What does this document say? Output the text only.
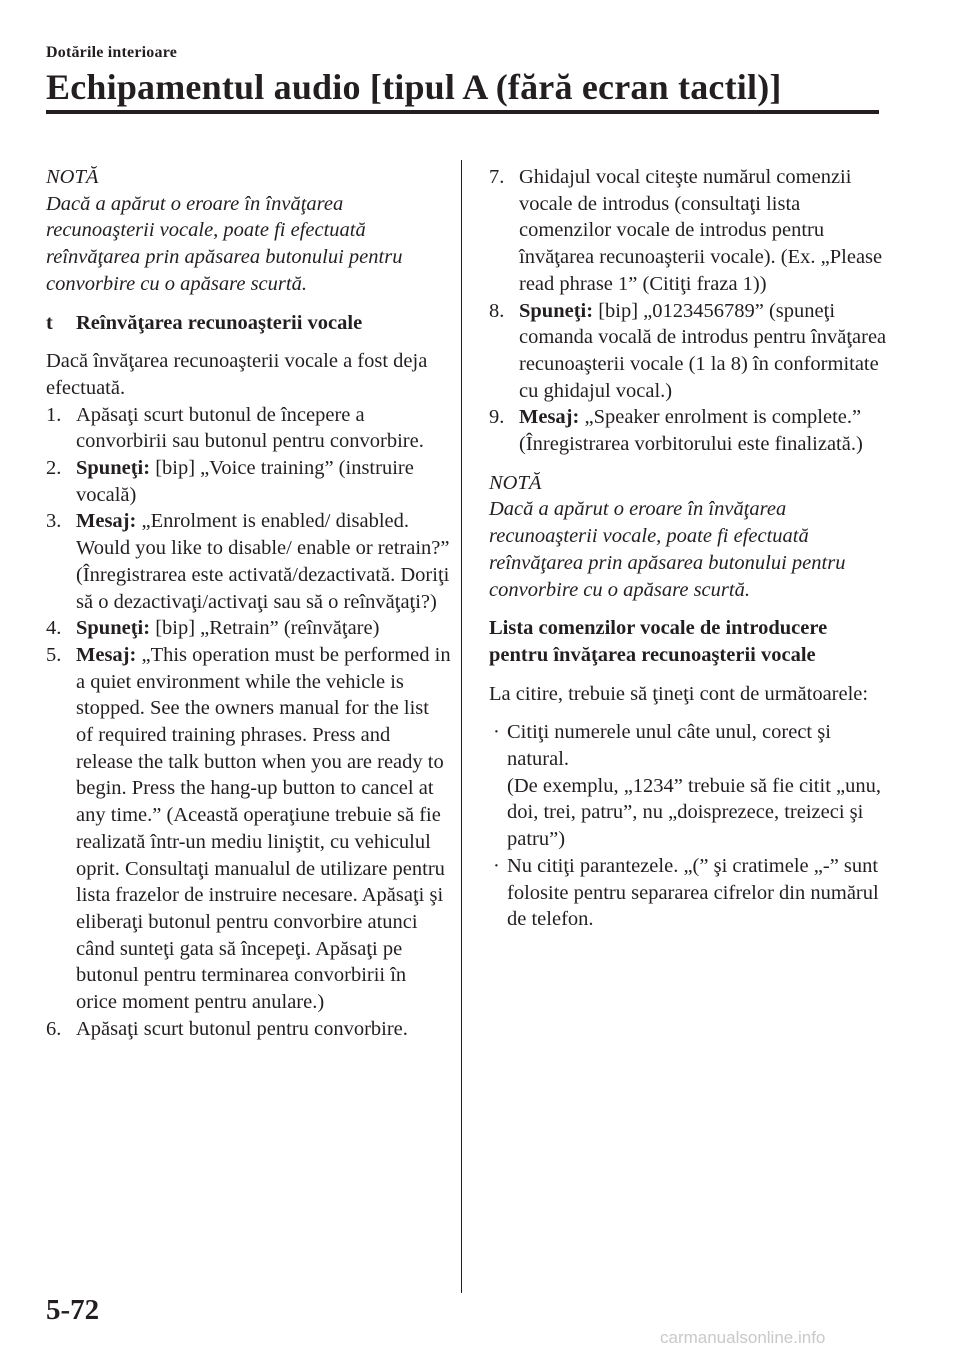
Dotările interioare
Echipamentul audio [tipul A (fără ecran tactil)]
NOTĂ
Dacă a apărut o eroare în învăţarea recunoaşterii vocale, poate fi efectuată reînvăţarea prin apăsarea butonului pentru convorbire cu o apăsare scurtă.
t Reînvăţarea recunoaşterii vocale
Dacă învăţarea recunoaşterii vocale a fost deja efectuată.
1. Apăsaţi scurt butonul de începere a convorbirii sau butonul pentru convorbire.
2. Spuneţi: [bip] „Voice training” (instruire vocală)
3. Mesaj: „Enrolment is enabled/ disabled. Would you like to disable/ enable or retrain?” (Înregistrarea este activată/dezactivată. Doriţi să o dezactivaţi/activaţi sau să o reînvăţaţi?)
4. Spuneţi: [bip] „Retrain” (reînvăţare)
5. Mesaj: „This operation must be performed in a quiet environment while the vehicle is stopped. See the owners manual for the list of required training phrases. Press and release the talk button when you are ready to begin. Press the hang-up button to cancel at any time.” (Această operaţiune trebuie să fie realizată într-un mediu liniştit, cu vehiculul oprit. Consultaţi manualul de utilizare pentru lista frazelor de instruire necesare. Apăsaţi şi eliberaţi butonul pentru convorbire atunci când sunteţi gata să începeţi. Apăsaţi pe butonul pentru terminarea convorbirii în orice moment pentru anulare.)
6. Apăsaţi scurt butonul pentru convorbire.
7. Ghidajul vocal citeşte numărul comenzii vocale de introdus (consultaţi lista comenzilor vocale de introdus pentru învăţarea recunoaşterii vocale). (Ex. „Please read phrase 1” (Citiţi fraza 1))
8. Spuneţi: [bip] „0123456789” (spuneţi comanda vocală de introdus pentru învăţarea recunoaşterii vocale (1 la 8) în conformitate cu ghidajul vocal.)
9. Mesaj: „Speaker enrolment is complete.” (Înregistrarea vorbitorului este finalizată.)
NOTĂ
Dacă a apărut o eroare în învăţarea recunoaşterii vocale, poate fi efectuată reînvăţarea prin apăsarea butonului pentru convorbire cu o apăsare scurtă.
Lista comenzilor vocale de introducere pentru învăţarea recunoaşterii vocale
La citire, trebuie să ţineţi cont de următoarele:
· Citiţi numerele unul câte unul, corect şi natural.
(De exemplu, „1234” trebuie să fie citit „unu, doi, trei, patru”, nu „doisprezece, treizeci şi patru”)
· Nu citiţi parantezele. „(” şi cratimele „-” sunt folosite pentru separarea cifrelor din numărul de telefon.
5-72
carmanualsonline.info
